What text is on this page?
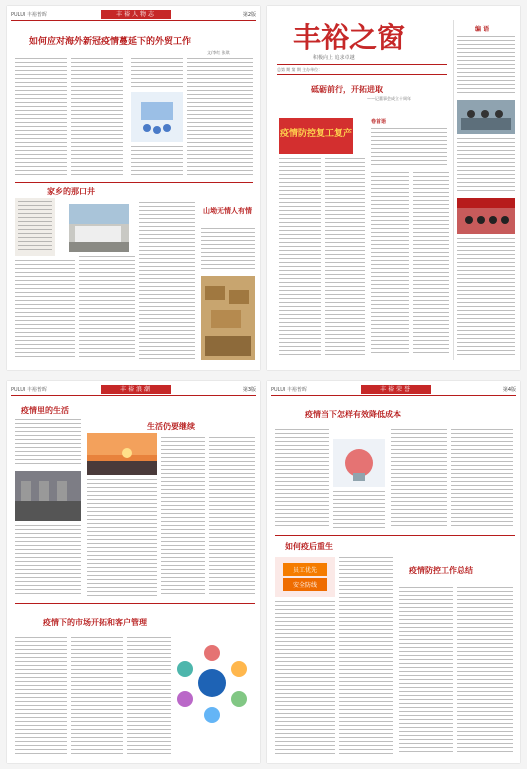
PULUI 丰裕普晖	丰裕人物志	第2版
如何应对海外新冠疫情蔓延下的外贸工作
文/李红 张琪
家乡的那口井
山坳无情人有情
丰裕之窗
积极向上 追求卓越
总第 期 第 期 主办单位：
砥砺前行，开拓进取
——记董事会成立十周年
疫情防控复工复产
卷首语
编 语
PULUI 丰裕普晖	丰裕浪潮	第3版
疫情里的生活
生活仍要继续
疫情下的市场开拓和客户管理
PULUI 丰裕普晖	丰裕荣誉	第4版
疫情当下怎样有效降低成本
如何疫后重生
员工优先
安全防线
疫情防控工作总结
